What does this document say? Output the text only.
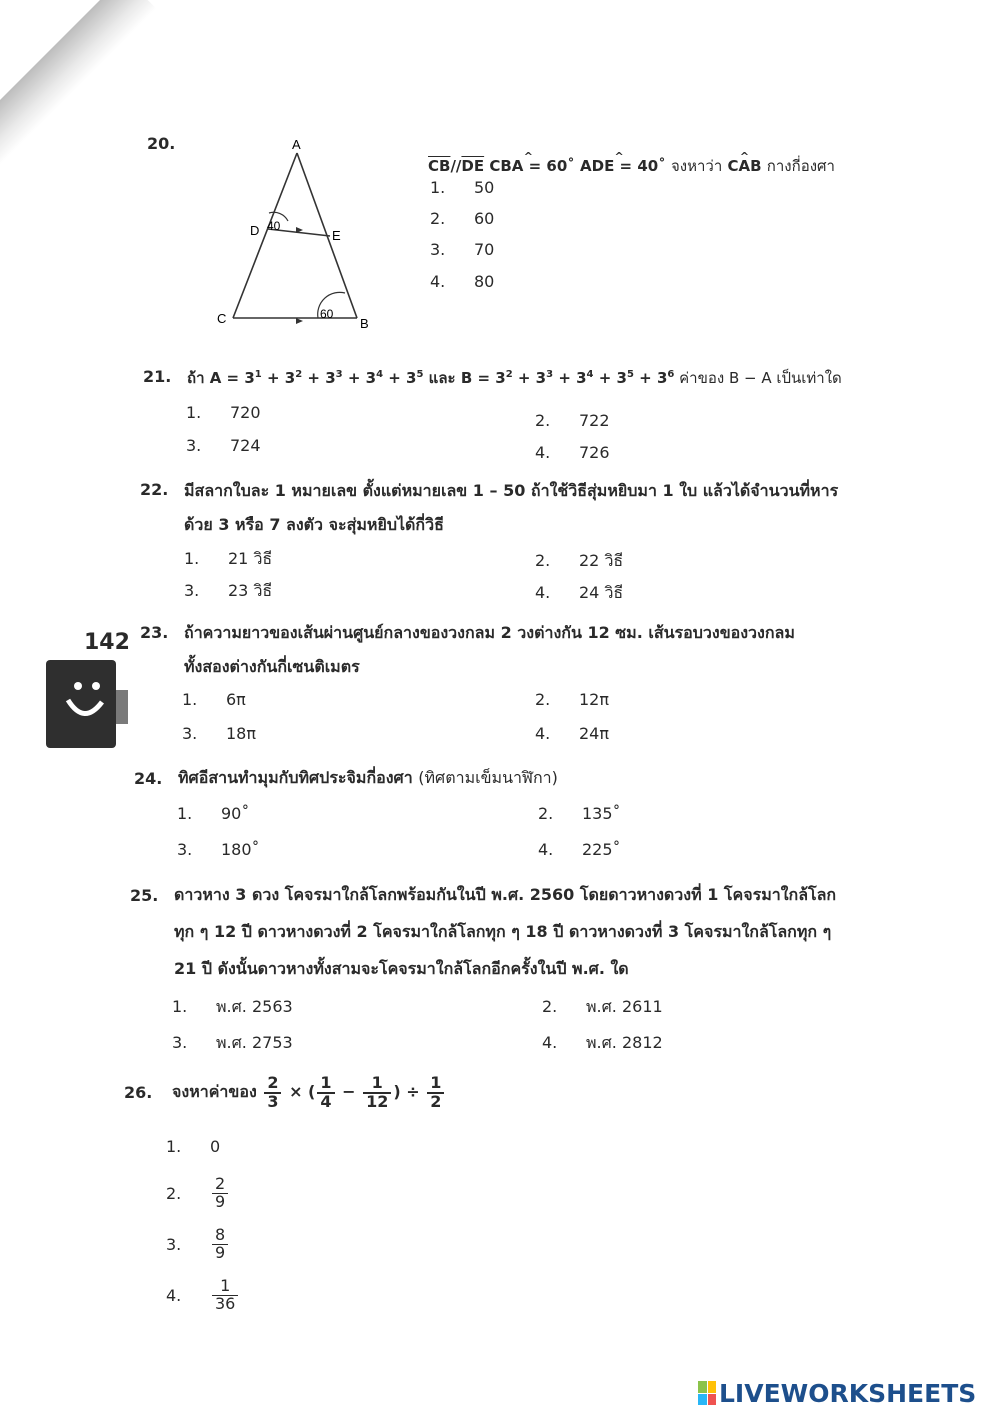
20.	A
D	E
C	B
40
60
$\overline{CB}//\overline{DE}$ ^ CBA = 60˚ ^ ADE = 40˚ จงหาว่า ^ CAB กางกี่องศา
1. 50
2. 60
3. 70
4. 80
21. ถ้า $A = 3^1 + 3^2 + 3^3 + 3^4 + 3^5$ และ $B = 3^2 + 3^3 + 3^4 + 3^5 + 3^6$ ค่าของ B − A เป็นเท่าใด
1. 720	2. 722
3. 724	4. 726
22. มีสลากใบละ 1 หมายเลข ตั้งแต่หมายเลข 1 – 50 ถ้าใช้วิธีสุ่มหยิบมา 1 ใบ แล้วได้จำนวนที่หาร
ด้วย 3 หรือ 7 ลงตัว จะสุ่มหยิบได้กี่วิธี
1. 21 วิธี	2. 22 วิธี
3. 23 วิธี	4. 24 วิธี
142 23. ถ้าความยาวของเส้นผ่านศูนย์กลางของวงกลม 2 วงต่างกัน 12 ซม. เส้นรอบวงของวงกลม
ทั้งสองต่างกันกี่เซนติเมตร
1. 6π	2. 12π
3. 18π	4. 24π
24. ทิศอีสานทำมุมกับทิศประจิมกี่องศา (ทิศตามเข็มนาฬิกา)
1. 90˚	2. 135˚
3. 180˚	4. 225˚
25. ดาวหาง 3 ดวง โคจรมาใกล้โลกพร้อมกันในปี พ.ศ. 2560 โดยดาวหางดวงที่ 1 โคจรมาใกล้โลก
ทุก ๆ 12 ปี ดาวหางดวงที่ 2 โคจรมาใกล้โลกทุก ๆ 18 ปี ดาวหางดวงที่ 3 โคจรมาใกล้โลกทุก ๆ
21 ปี ดังนั้นดาวหางทั้งสามจะโคจรมาใกล้โลกอีกครั้งในปี พ.ศ. ใด
1. พ.ศ. 2563	2. พ.ศ. 2611
3. พ.ศ. 2753	4. พ.ศ. 2812
26. จงหาค่าของ $\frac{2}{3}$ × ( $\frac{1}{4} - \frac{1}{12}$ ) ÷ $\frac{1}{2}$
1. 0
2. $\frac{2}{9}$
3. $\frac{8}{9}$
4. $\frac{1}{36}$
LIVEWORKSHEETS
